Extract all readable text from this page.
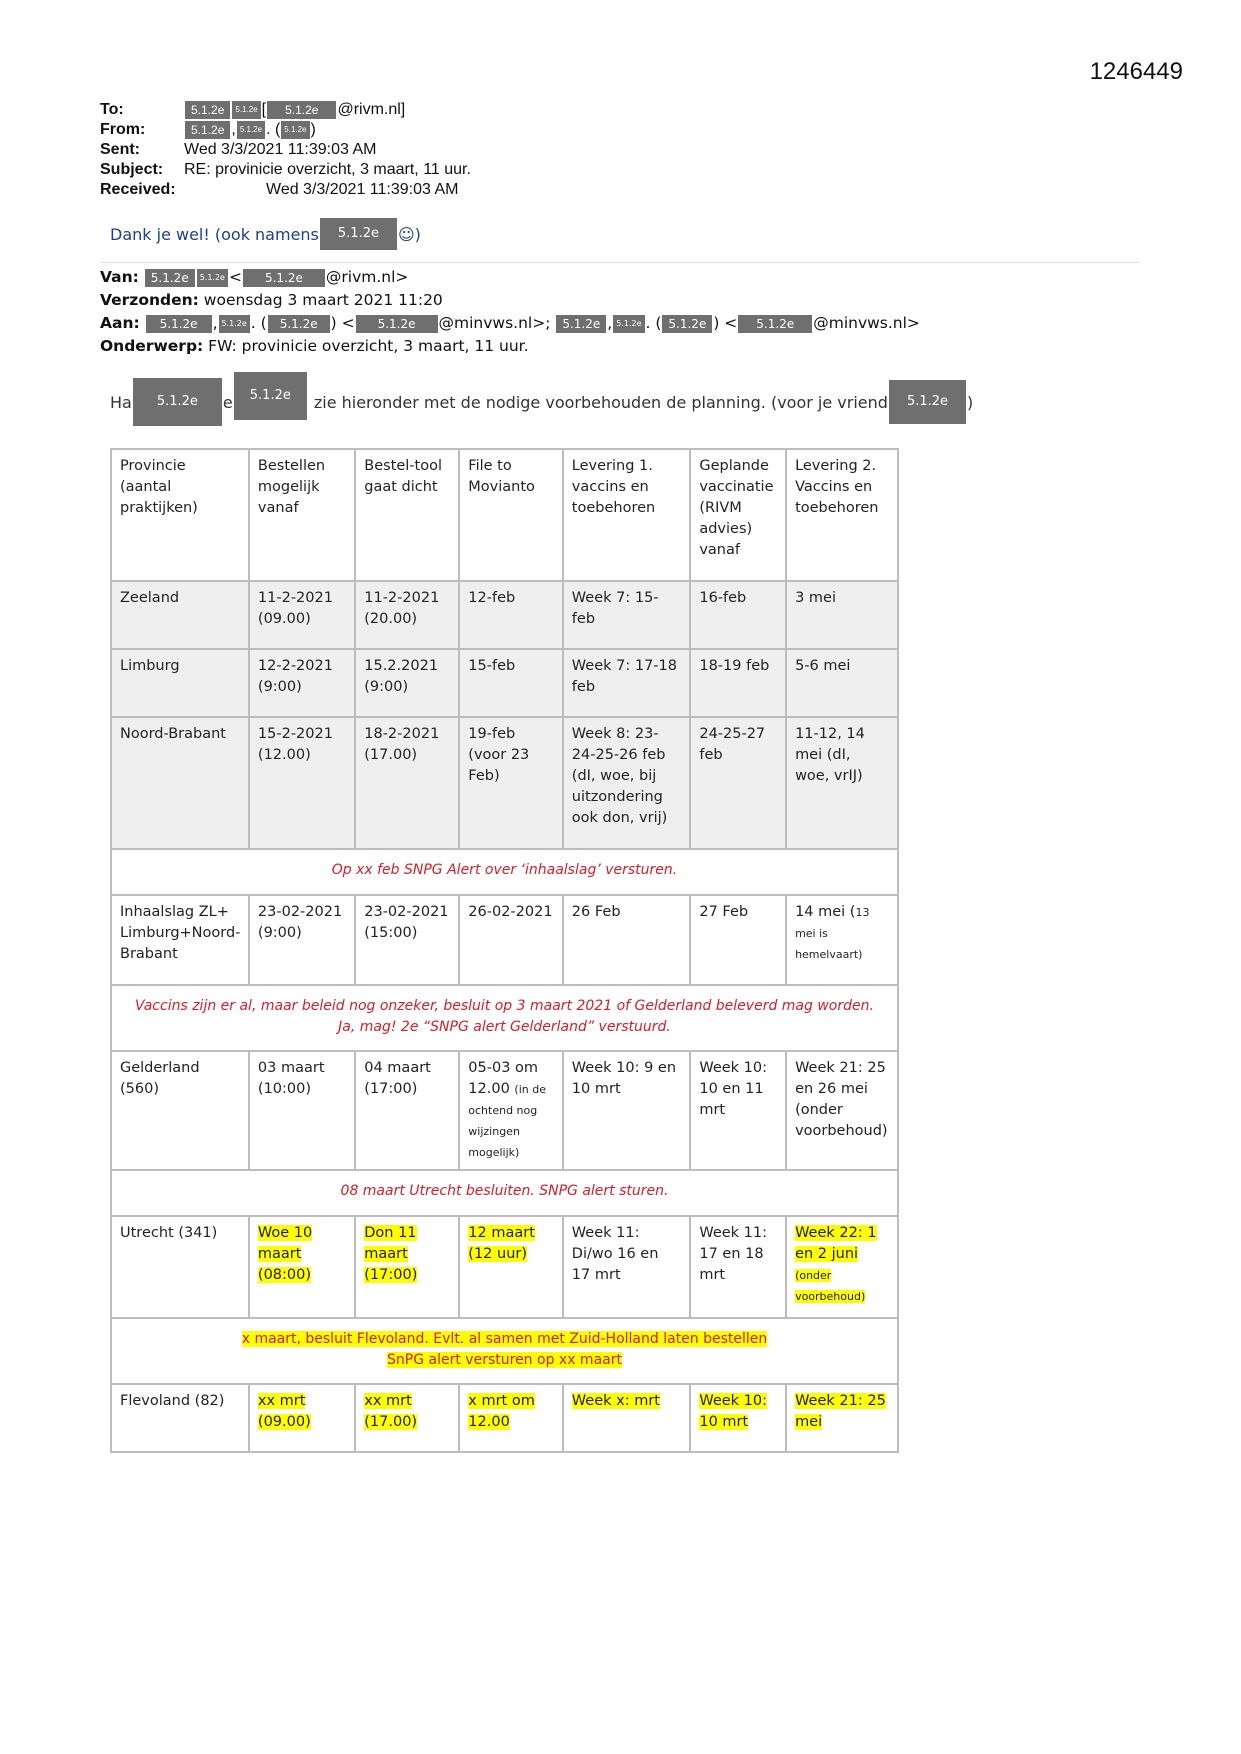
1246449
To:	5.1.2e	5.1.2e [	5.1.2e	@rivm.nl]
From:	5.1.2e , 5.1.2e . ( 5.1.2e )
Sent:	Wed 3/3/2021 11:39:03 AM
Subject:	RE: provinicie overzicht, 3 maart, 11 uur.
Received:	Wed 3/3/2021 11:39:03 AM
Dank je wel! (ook namens	5.1.2e	☺)
Van:
5.1.2e	5.1.2e <	5.1.2e	@rivm.nl>
Verzonden:
woensdag 3 maart 2021 11:20
Aan:
	5.1.2e , 5.1.2e . (	5.1.2e ) <	5.1.2e	@minvws.nl>;
5.1.2e , 5.1.2e . ( 5.1.2e ) <	5.1.2e	@minvws.nl>
Onderwerp:
FW: provinicie overzicht, 3 maart, 11 uur.
Ha	5.1.2e	e	5.1.2e	zie hieronder met de nodige voorbehouden de planning. (voor je vriend	5.1.2e	)
Provincie (aantal praktijken)	Bestellen mogelijk vanaf	Bestel-tool gaat dicht	File to Movianto	Levering 1. vaccins en toebehoren	Geplande vaccinatie (RIVM advies) vanaf	Levering 2. Vaccins en toebehoren
Zeeland	11-2-2021 (09.00)	11-2-2021 (20.00)	12-feb	Week 7: 15-feb	16-feb	3 mei
Limburg	12-2-2021 (9:00)	15.2.2021 (9:00)	15-feb	Week 7: 17-18 feb	18-19 feb	5-6 mei
Noord-Brabant	15-2-2021 (12.00)	18-2-2021 (17.00)	19-feb (voor 23 Feb)	Week 8: 23-24-25-26 feb (dI, woe, bij uitzondering ook don, vrij)	24-25-27 feb	11-12, 14 mei (dI, woe, vrIJ)
Op xx feb SNPG Alert over ‘inhaalslag’ versturen.						
Inhaalslag ZL+ Limburg+Noord-Brabant	23-02-2021 (9:00)	23-02-2021 (15:00)	26-02-2021	26 Feb	27 Feb	14 mei (13 mei is hemelvaart)

Vaccins zijn er al, maar beleid nog onzeker, besluit op 3 maart 2021 of Gelderland beleverd mag worden.
Ja, mag! 2e “SNPG alert Gelderland” verstuurd.						

Gelderland (560)	03 maart (10:00)	04 maart (17:00)	05-03 om 12.00 (in de ochtend nog wijzingen mogelijk)	Week 10: 9 en 10 mrt	Week 10: 10 en 11 mrt	Week 21: 25 en 26 mei (onder voorbehoud)
08 maart Utrecht besluiten. SNPG alert sturen.						
Utrecht (341)	Woe 10 maart (08:00)	Don 11 maart (17:00)	12 maart (12 uur)	Week 11: Di/wo 16 en 17 mrt	Week 11: 17 en 18 mrt	Week 22: 1 en 2 juni
(onder voorbehoud)

x maart, besluit Flevoland. Evlt. al samen met Zuid-Holland laten bestellen
SnPG alert versturen op xx maart						

Flevoland (82)	xx mrt (09.00)	xx mrt (17.00)	x mrt om 12.00	Week x: mrt	Week 10: 10 mrt	Week 21: 25 mei
